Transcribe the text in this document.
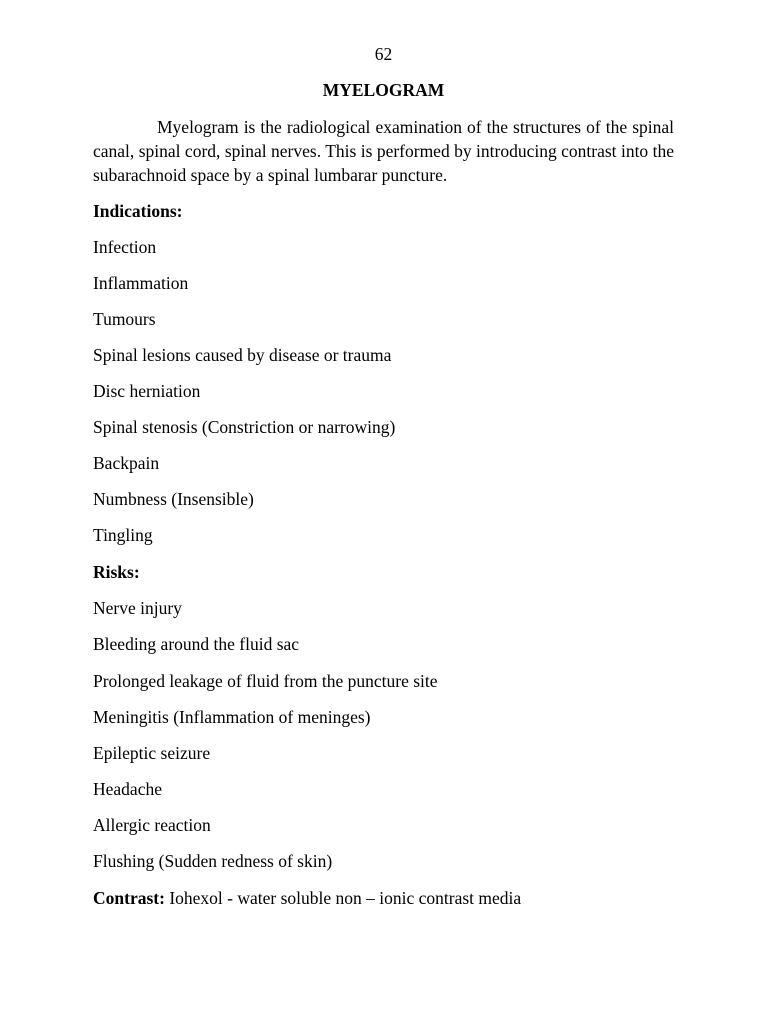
62
MYELOGRAM

Myelogram is the radiological examination of the structures of the spinal canal, spinal cord, spinal nerves. This is performed by introducing contrast into the subarachnoid space by a spinal lumbarar puncture.

Indications:
Infection
Inflammation
Tumours
Spinal lesions caused by disease or trauma
Disc herniation
Spinal stenosis (Constriction or narrowing)
Backpain
Numbness (Insensible)
Tingling
Risks:
Nerve injury
Bleeding around the fluid sac
Prolonged leakage of fluid from the puncture site
Meningitis (Inflammation of meninges)
Epileptic seizure
Headache
Allergic reaction
Flushing (Sudden redness of skin)
Contrast: Iohexol - water soluble non – ionic contrast media
